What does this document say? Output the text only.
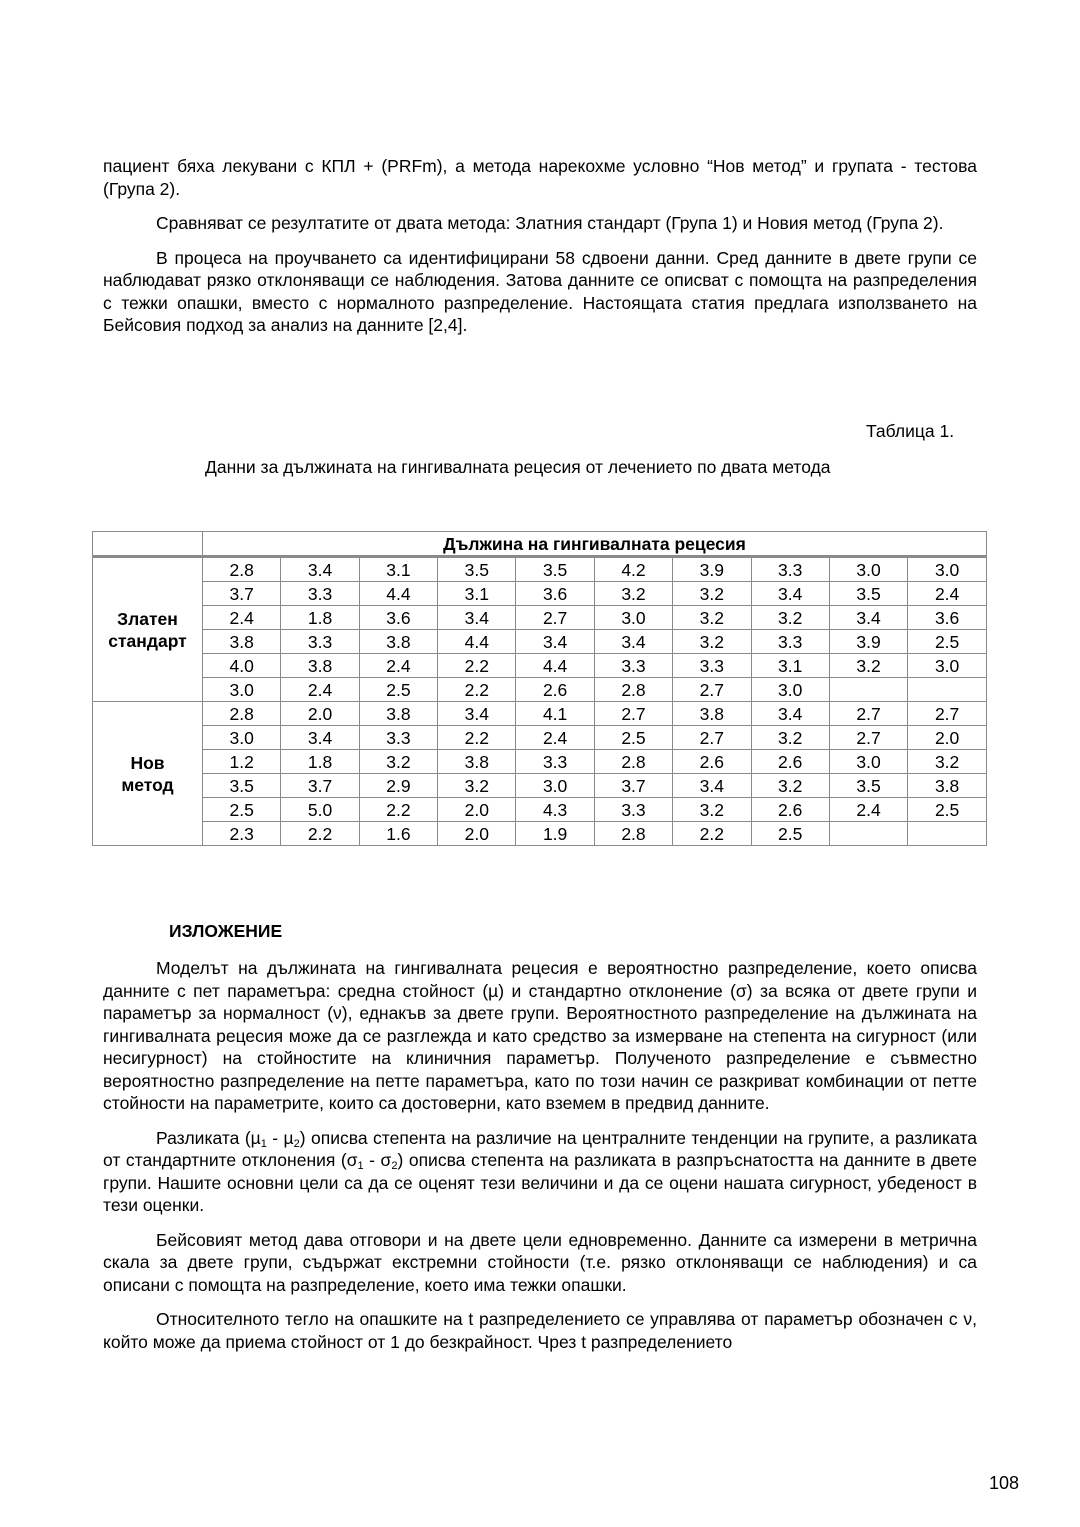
пациент бяха лекувани с КПЛ + (PRFm), а метода нарекохме условно “Нов метод” и групата - тестова (Група 2).

Сравняват се резултатите от двата метода: Златния стандарт (Група 1) и Новия метод (Група 2).

В процеса на проучването са идентифицирани 58 сдвоени данни. Сред данните в двете групи се наблюдават рязко отклоняващи се наблюдения. Затова данните се описват с помощта на разпределения с тежки опашки, вместо с нормалното разпределение. Настоящата статия предлага използването на Бейсовия подход за анализ на данните [2,4].

Таблица 1.
Данни за дължината на гингивалната рецесия от лечението по двата метода
	Дължина на гингивалната рецесия									

Златен
стандарт	2.8	3.4	3.1	3.5	3.5	4.2	3.9	3.3	3.0	3.0
	3.7	3.3	4.4	3.1	3.6	3.2	3.2	3.4	3.5	2.4
	2.4	1.8	3.6	3.4	2.7	3.0	3.2	3.2	3.4	3.6
	3.8	3.3	3.8	4.4	3.4	3.4	3.2	3.3	3.9	2.5
	4.0	3.8	2.4	2.2	4.4	3.3	3.3	3.1	3.2	3.0
	3.0	2.4	2.5	2.2	2.6	2.8	2.7	3.0		

Нов
метод	2.8	2.0	3.8	3.4	4.1	2.7	3.8	3.4	2.7	2.7
	3.0	3.4	3.3	2.2	2.4	2.5	2.7	3.2	2.7	2.0
	1.2	1.8	3.2	3.8	3.3	2.8	2.6	2.6	3.0	3.2
	3.5	3.7	2.9	3.2	3.0	3.7	3.4	3.2	3.5	3.8
	2.5	5.0	2.2	2.0	4.3	3.3	3.2	2.6	2.4	2.5
	2.3	2.2	1.6	2.0	1.9	2.8	2.2	2.5		
ИЗЛОЖЕНИЕ

Моделът на дължината на гингивалната рецесия е вероятностно разпределение, което описва данните с пет параметъра: средна стойност (µ) и стандартно отклонение (σ) за всяка от двете групи и параметър за нормалност (ν), еднакъв за двете групи. Вероятностното разпределение на дължината на гингивалната рецесия може да се разглежда и като средство за измерване на степента на сигурност (или несигурност) на стойностите на клиничния параметър. Полученото разпределение е съвместно вероятностно разпределение на петте параметъра, като по този начин се разкриват комбинации от петте стойности на параметрите, които са достоверни, като вземем в предвид данните.

Разликата (µ$_1$ - µ$_2$) описва степента на различие на централните тенденции на групите, а разликата от стандартните отклонения $(\sigma_1 - \sigma_2)$ описва степента на разликата в разпръснатостта на данните в двете групи. Нашите основни цели са да се оценят тези величини и да се оцени нашата сигурност, убеденост в тези оценки.

Бейсовият метод дава отговори и на двете цели едновременно. Данните са измерени в метрична скала за двете групи, съдържат екстремни стойности (т.е. рязко отклоняващи се наблюдения) и са описани с помощта на разпределение, което има тежки опашки.

Относителното тегло на опашките на t разпределението се управлява от параметър обозначен с ν, който може да приема стойност от 1 до безкрайност. Чрез t разпределението

108
